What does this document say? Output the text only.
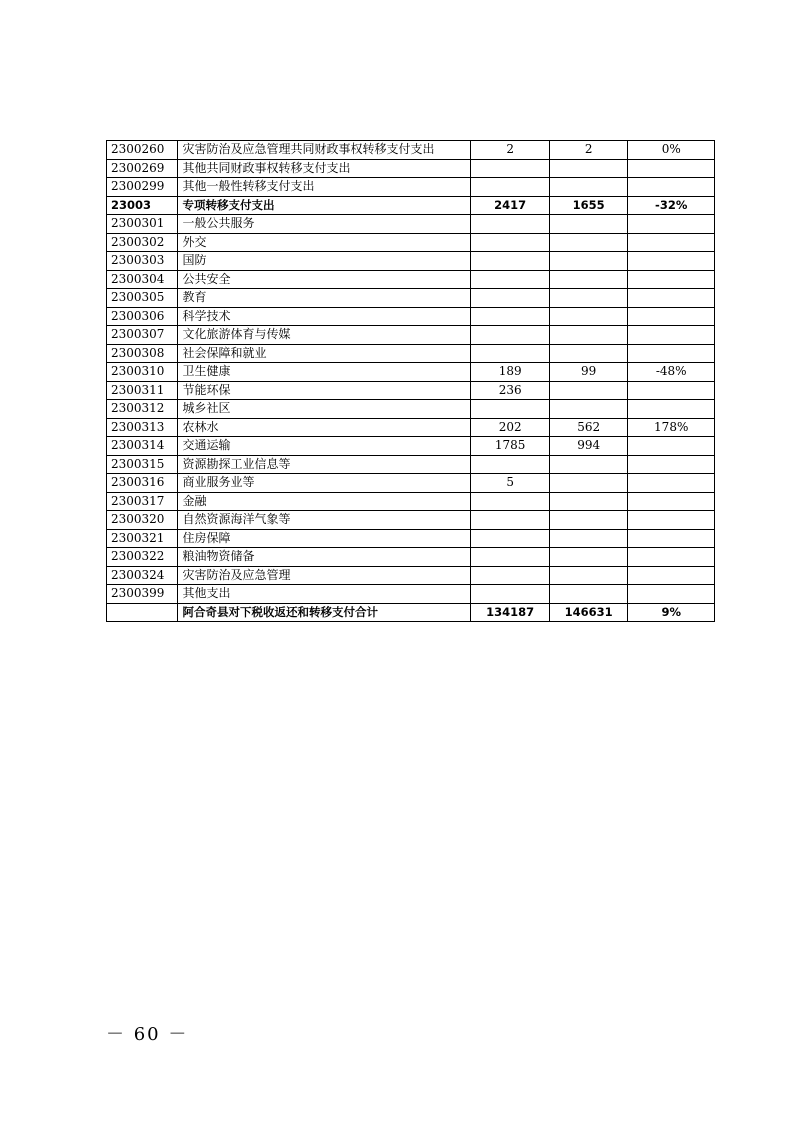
2300260	灾害防治及应急管理共同财政事权转移支付支出	2	2	0%
2300269	其他共同财政事权转移支付支出			
2300299	其他一般性转移支付支出			
23003	专项转移支付支出	2417	1655	-32%
2300301	一般公共服务			
2300302	外交			
2300303	国防			
2300304	公共安全			
2300305	教育			
2300306	科学技术			
2300307	文化旅游体育与传媒			
2300308	社会保障和就业			
2300310	卫生健康	189	99	-48%
2300311	节能环保	236		
2300312	城乡社区			
2300313	农林水	202	562	178%
2300314	交通运输	1785	994	
2300315	资源勘探工业信息等			
2300316	商业服务业等	5		
2300317	金融			
2300320	自然资源海洋气象等			
2300321	住房保障			
2300322	粮油物资储备			
2300324	灾害防治及应急管理			
2300399	其他支出			
	阿合奇县对下税收返还和转移支付合计	134187	146631	9%
－ 60 －
